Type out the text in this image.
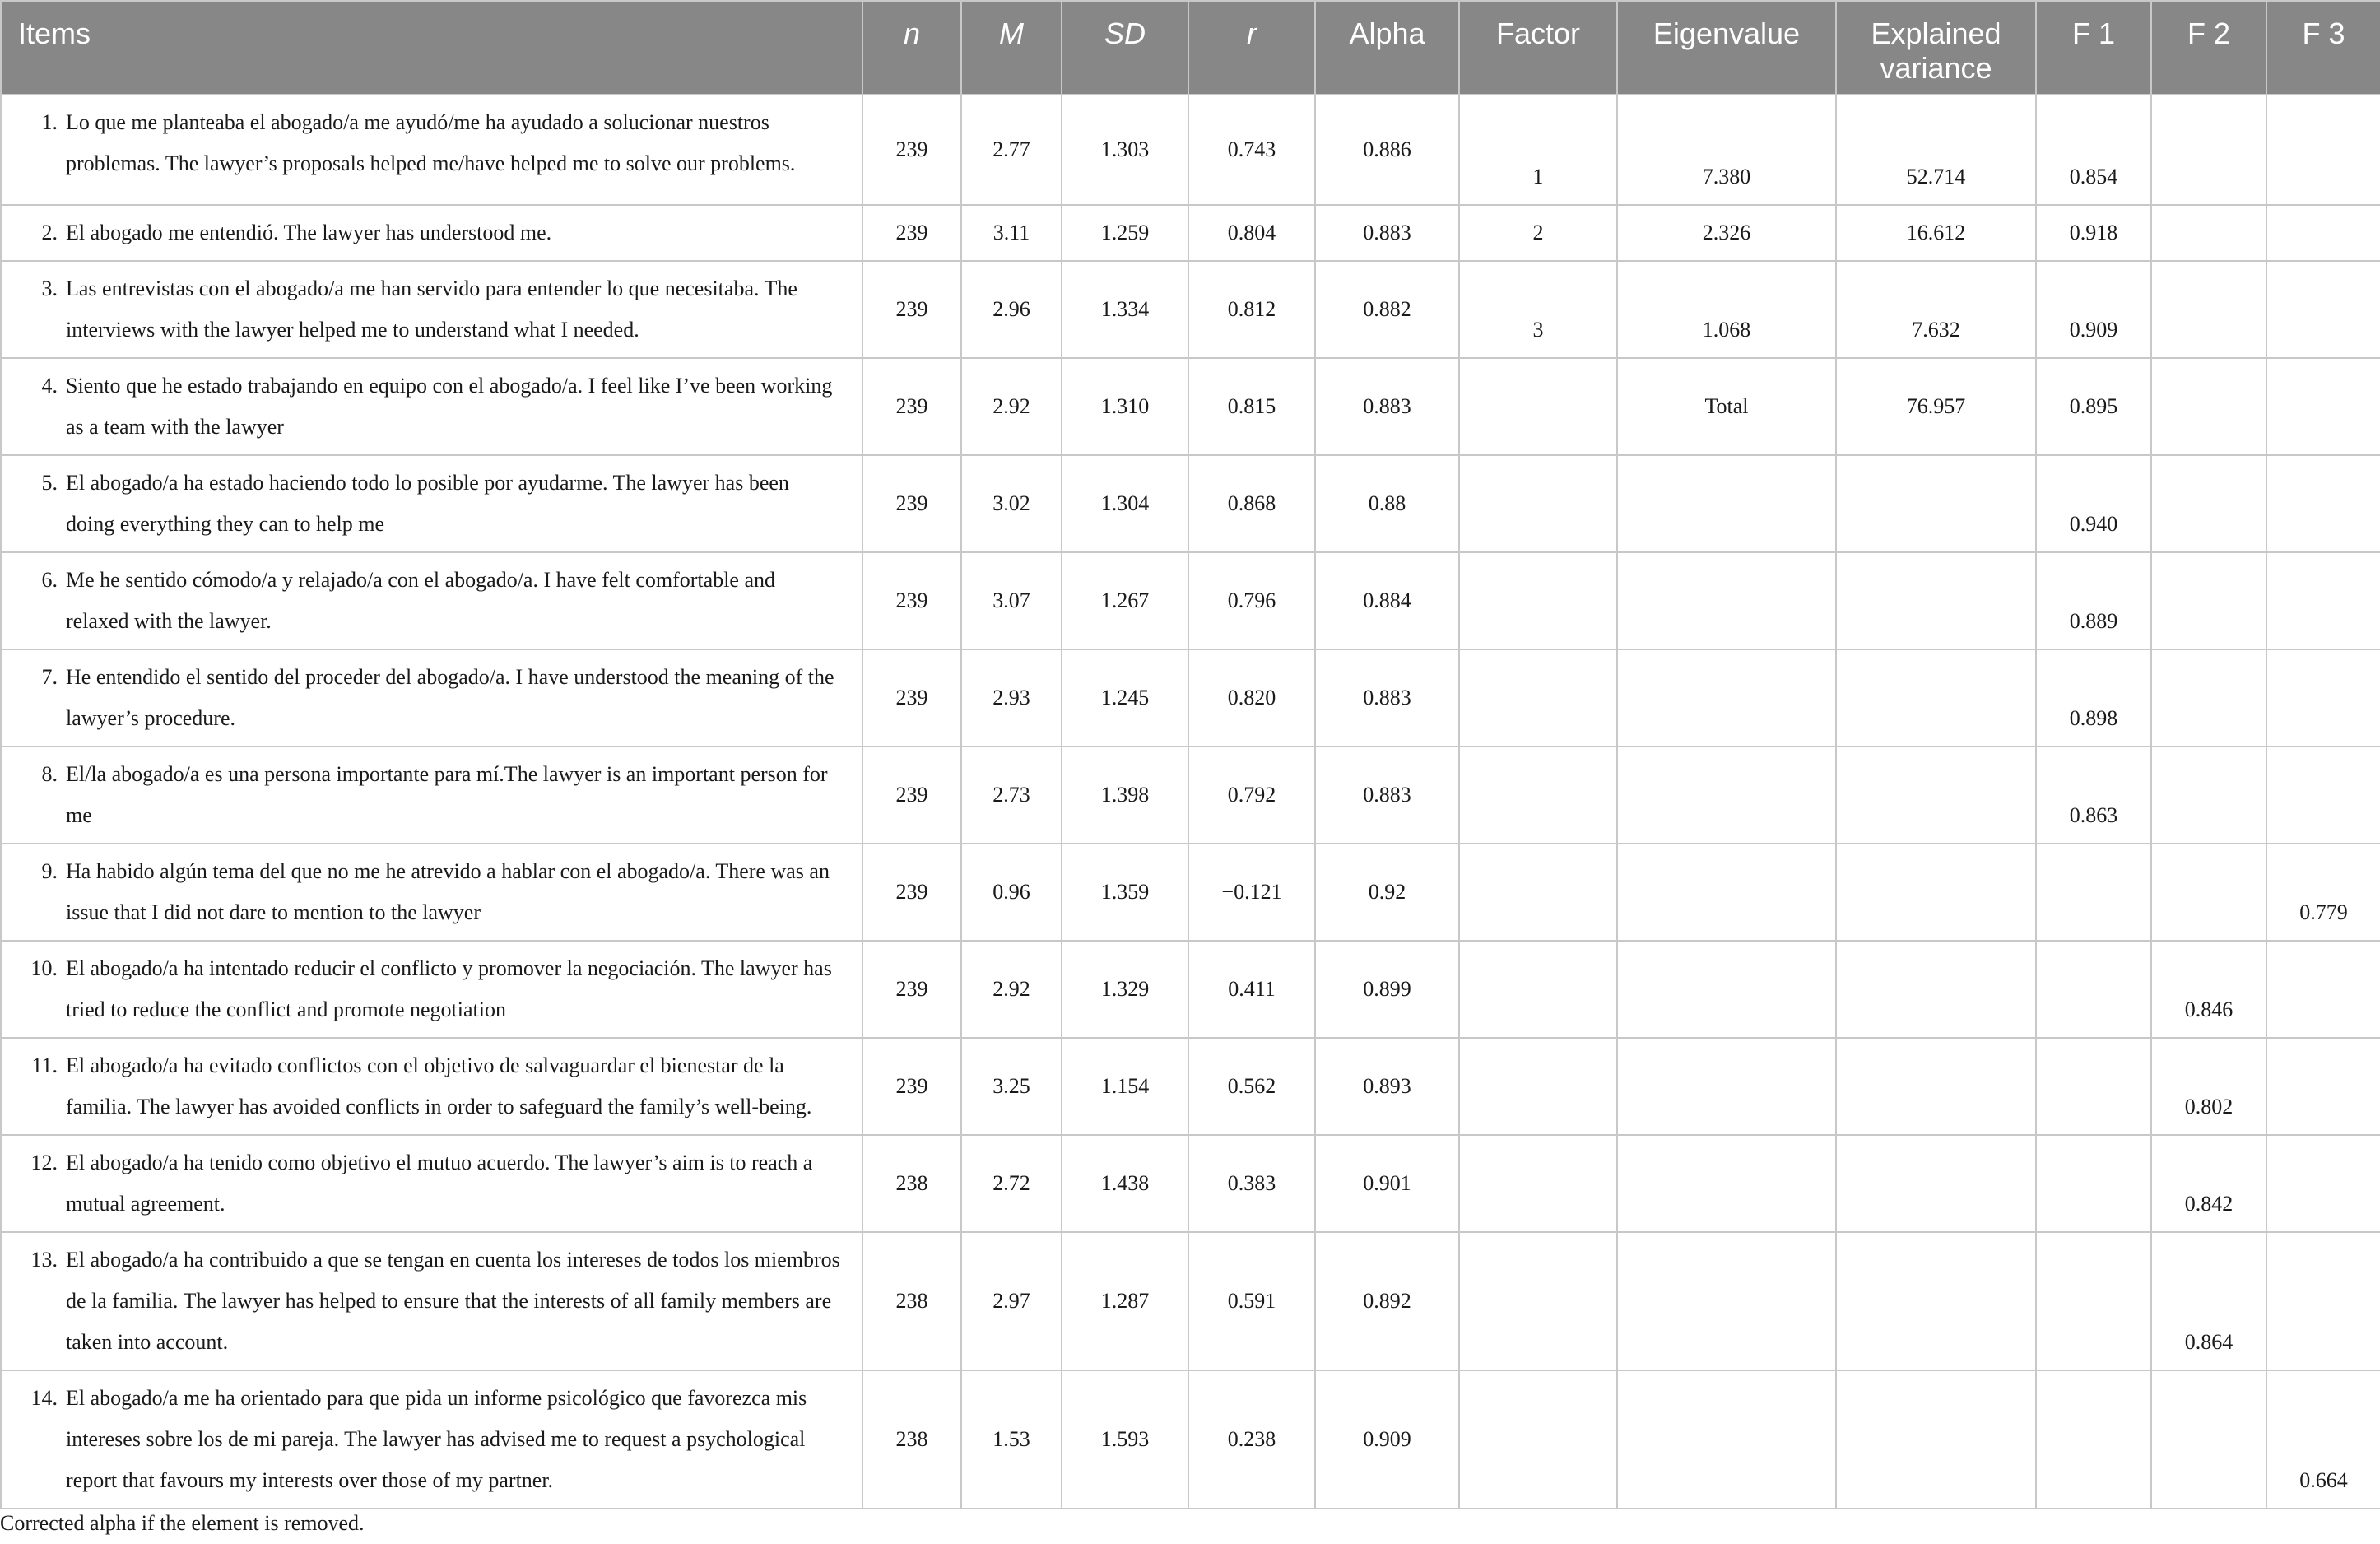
Items	n	M	SD	r	Alpha	Factor	Eigenvalue	Explained variance	F 1	F 2	F 3
1. Lo que me planteaba el abogado/a me ayudó/me ha ayudado a solucionar nuestros problemas. The lawyer’s proposals helped me/have helped me to solve our problems.	239	2.77	1.303	0.743	0.886	1	7.380	52.714	0.854		
2. El abogado me entendió. The lawyer has understood me.	239	3.11	1.259	0.804	0.883	2	2.326	16.612	0.918		
3. Las entrevistas con el abogado/a me han servido para entender lo que necesitaba. The interviews with the lawyer helped me to understand what I needed.	239	2.96	1.334	0.812	0.882	3	1.068	7.632	0.909		
4. Siento que he estado trabajando en equipo con el abogado/a. I feel like I’ve been working as a team with the lawyer	239	2.92	1.310	0.815	0.883		Total	76.957	0.895		
5. El abogado/a ha estado haciendo todo lo posible por ayudarme. The lawyer has been doing everything they can to help me	239	3.02	1.304	0.868	0.88				0.940		
6. Me he sentido cómodo/a y relajado/a con el abogado/a. I have felt comfortable and relaxed with the lawyer.	239	3.07	1.267	0.796	0.884				0.889		
7. He entendido el sentido del proceder del abogado/a. I have understood the meaning of the lawyer’s procedure.	239	2.93	1.245	0.820	0.883				0.898		
8. El/la abogado/a es una persona importante para mí.The lawyer is an important person for me	239	2.73	1.398	0.792	0.883				0.863		
9. Ha habido algún tema del que no me he atrevido a hablar con el abogado/a. There was an issue that I did not dare to mention to the lawyer	239	0.96	1.359	−0.121	0.92						0.779
10. El abogado/a ha intentado reducir el conflicto y promover la negociación. The lawyer has tried to reduce the conflict and promote negotiation	239	2.92	1.329	0.411	0.899					0.846	
11. El abogado/a ha evitado conflictos con el objetivo de salvaguardar el bienestar de la familia. The lawyer has avoided conflicts in order to safeguard the family’s well-being.	239	3.25	1.154	0.562	0.893					0.802	
12. El abogado/a ha tenido como objetivo el mutuo acuerdo. The lawyer’s aim is to reach a mutual agreement.	238	2.72	1.438	0.383	0.901					0.842	
13. El abogado/a ha contribuido a que se tengan en cuenta los intereses de todos los miembros de la familia. The lawyer has helped to ensure that the interests of all family members are taken into account.	238	2.97	1.287	0.591	0.892					0.864	
14. El abogado/a me ha orientado para que pida un informe psicológico que favorezca mis intereses sobre los de mi pareja. The lawyer has advised me to request a psychological report that favours my interests over those of my partner.	238	1.53	1.593	0.238	0.909						0.664
Corrected alpha if the element is removed.
